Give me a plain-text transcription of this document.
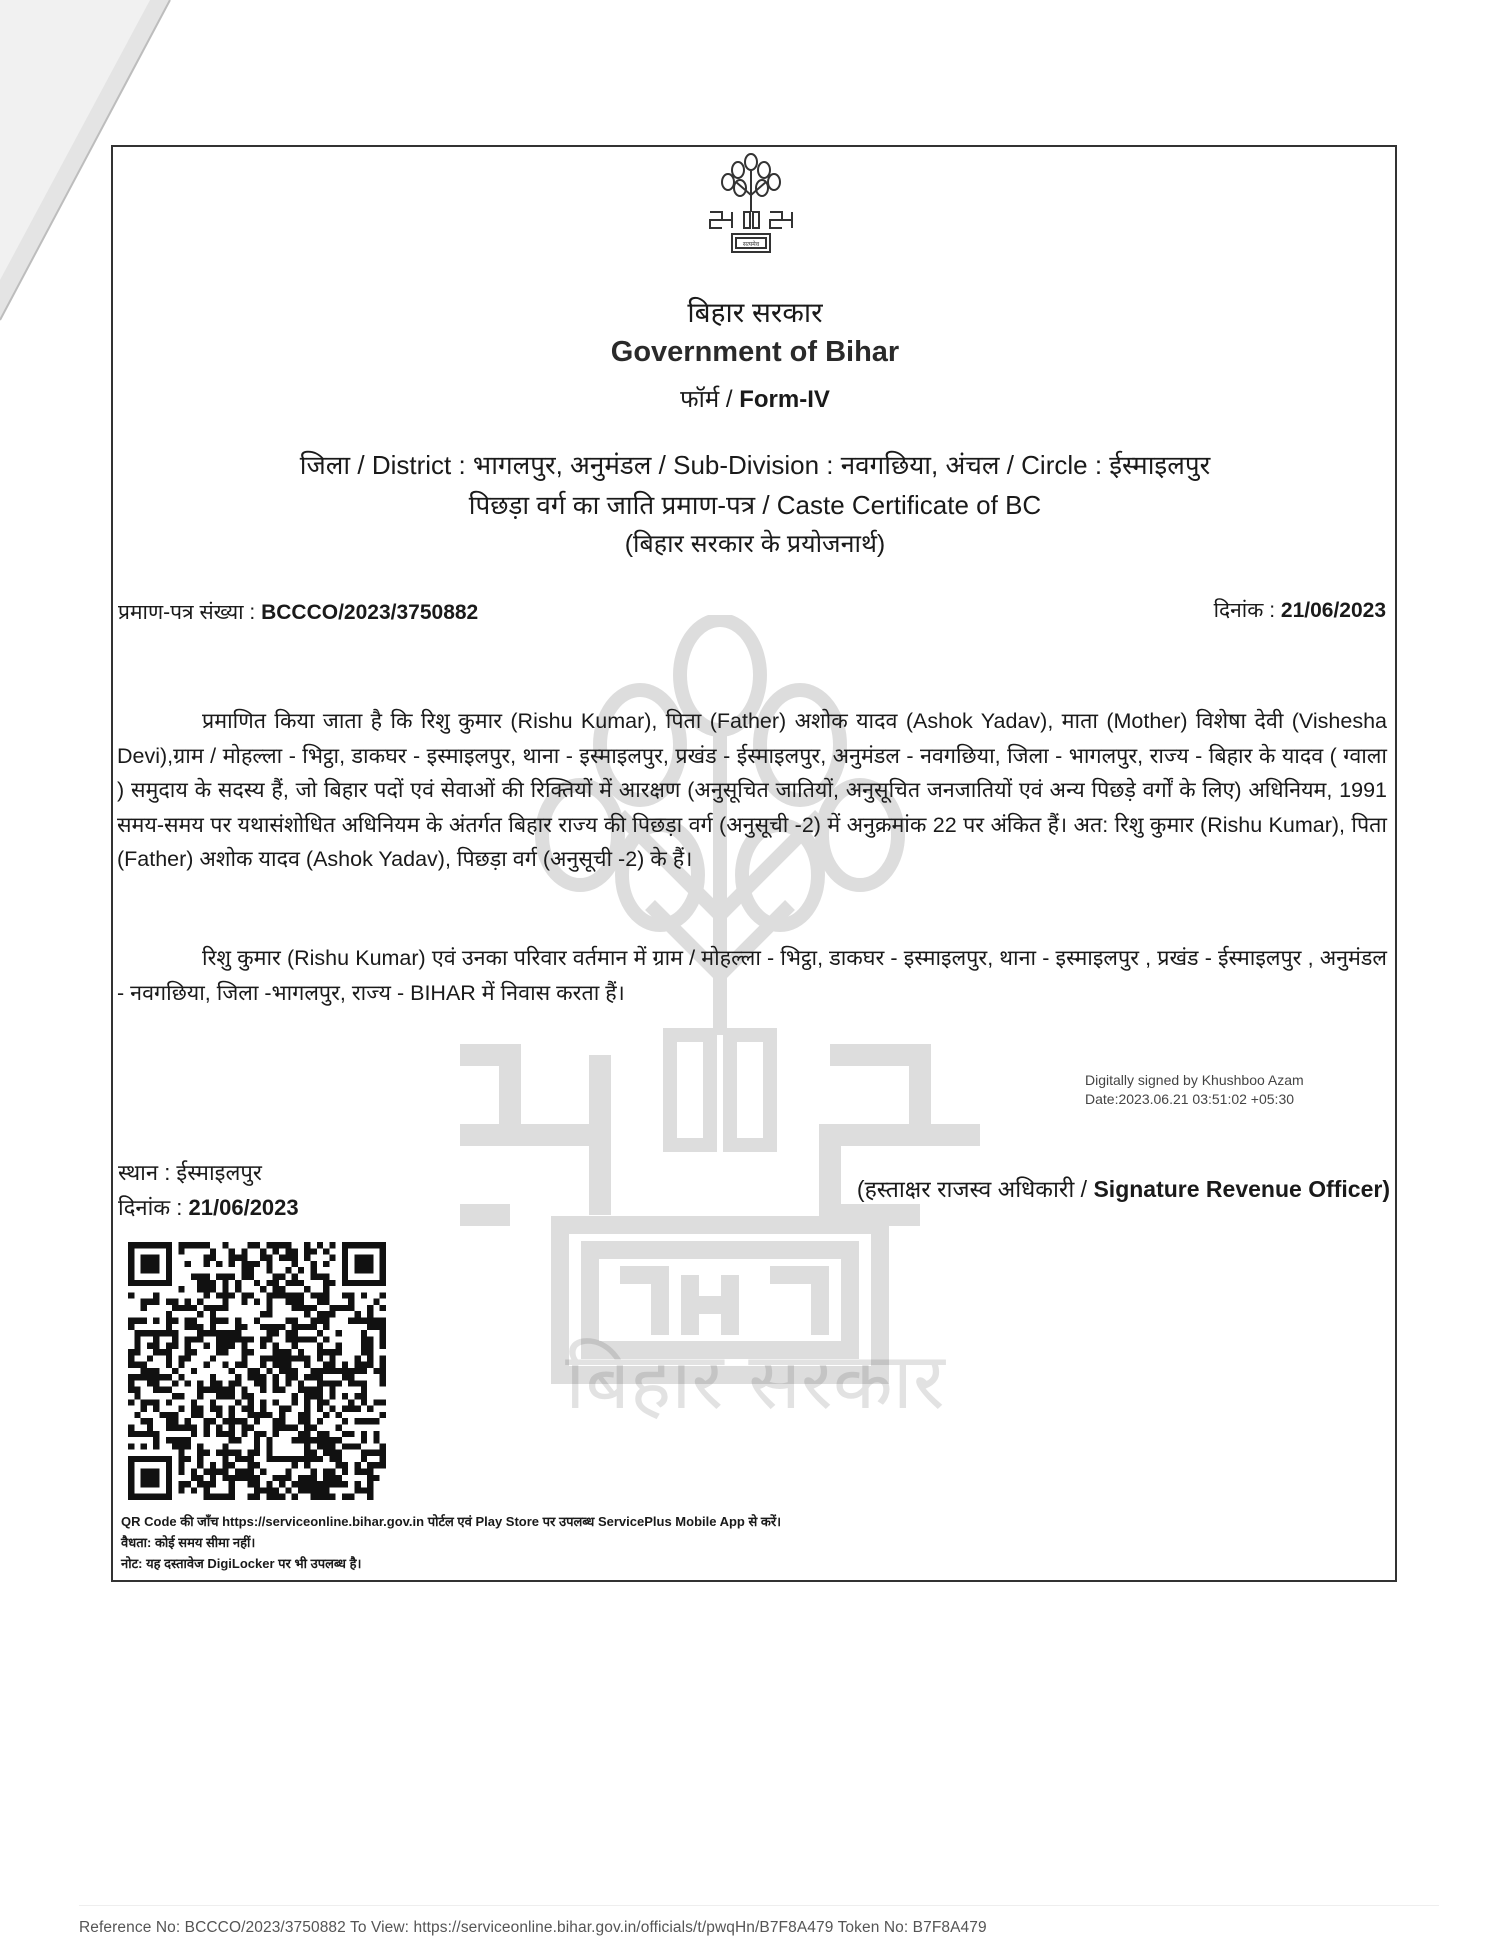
बिहार सरकार
सत्यमेव
बिहार सरकार
Government of Bihar
फॉर्म / Form-IV
जिला / District : भागलपुर, अनुमंडल / Sub-Division : नवगछिया, अंचल / Circle : ईस्माइलपुर
पिछड़ा वर्ग का जाति प्रमाण-पत्र / Caste Certificate of BC
(बिहार सरकार के प्रयोजनार्थ)
प्रमाण-पत्र संख्या : BCCCO/2023/3750882	दिनांक : 21/06/2023
प्रमाणित किया जाता है कि रिशु कुमार (Rishu Kumar), पिता (Father) अशोक यादव (Ashok Yadav), माता (Mother) विशेषा देवी (Vishesha Devi),ग्राम / मोहल्ला - भिट्ठा, डाकघर - इस्माइलपुर, थाना - इस्माइलपुर, प्रखंड - ईस्माइलपुर, अनुमंडल - नवगछिया, जिला - भागलपुर, राज्य - बिहार के यादव ( ग्वाला ) समुदाय के सदस्य हैं, जो बिहार पदों एवं सेवाओं की रिक्तियों में आरक्षण (अनुसूचित जातियों, अनुसूचित जनजातियों एवं अन्य पिछड़े वर्गों के लिए) अधिनियम, 1991 समय-समय पर यथासंशोधित अधिनियम के अंतर्गत बिहार राज्य की पिछड़ा वर्ग (अनुसूची -2) में अनुक्रमांक 22 पर अंकित हैं। अत: रिशु कुमार (Rishu Kumar), पिता (Father) अशोक यादव (Ashok Yadav), पिछड़ा वर्ग (अनुसूची -2) के हैं।
रिशु कुमार (Rishu Kumar) एवं उनका परिवार वर्तमान में ग्राम / मोहल्ला - भिट्ठा, डाकघर - इस्माइलपुर, थाना - इस्माइलपुर , प्रखंड - ईस्माइलपुर , अनुमंडल - नवगछिया, जिला -भागलपुर, राज्य - BIHAR में निवास करता हैं।
Digitally signed by Khushboo Azam
Date:2023.06.21 03:51:02 +05:30
स्थान : ईस्माइलपुर
दिनांक : 21/06/2023
(हस्ताक्षर राजस्व अधिकारी / Signature Revenue Officer)
QR Code की जाँच https://serviceonline.bihar.gov.in पोर्टल एवं Play Store पर उपलब्ध ServicePlus Mobile App से करें।
वैधता: कोई समय सीमा नहीं।
नोट: यह दस्तावेज DigiLocker पर भी उपलब्ध है।
Reference No: BCCCO/2023/3750882 To View: https://serviceonline.bihar.gov.in/officials/t/pwqHn/B7F8A479 Token No: B7F8A479
